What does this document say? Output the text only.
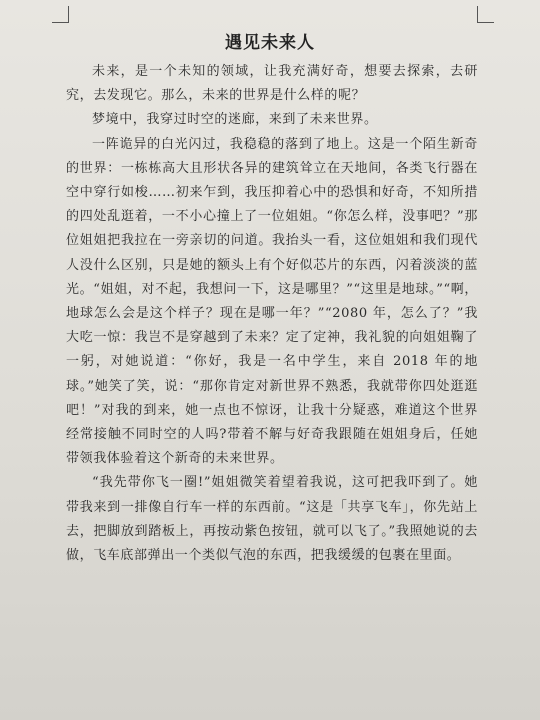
遇见未来人

未来，是一个未知的领域，让我充满好奇，想要去探索，去研究，去发现它。那么，未来的世界是什么样的呢？

梦境中，我穿过时空的迷廊，来到了未来世界。

一阵诡异的白光闪过，我稳稳的落到了地上。这是一个陌生新奇的世界：一栋栋高大且形状各异的建筑耸立在天地间，各类飞行器在空中穿行如梭……初来乍到，我压抑着心中的恐惧和好奇，不知所措的四处乱逛着，一不小心撞上了一位姐姐。“你怎么样，没事吧？”那位姐姐把我拉在一旁亲切的问道。我抬头一看，这位姐姐和我们现代人没什么区别，只是她的额头上有个好似芯片的东西，闪着淡淡的蓝光。“姐姐，对不起，我想问一下，这是哪里？”“这里是地球。”“啊，地球怎么会是这个样子？现在是哪一年？”“2080 年，怎么了？”我大吃一惊：我岂不是穿越到了未来？定了定神，我礼貌的向姐姐鞠了一躬，对她说道：“你好，我是一名中学生，来自 2018 年的地球。”她笑了笑，说：“那你肯定对新世界不熟悉，我就带你四处逛逛吧！”对我的到来，她一点也不惊讶，让我十分疑惑，难道这个世界经常接触不同时空的人吗?带着不解与好奇我跟随在姐姐身后，任她带领我体验着这个新奇的未来世界。

“我先带你飞一圈!”姐姐微笑着望着我说，这可把我吓到了。她带我来到一排像自行车一样的东西前。“这是「共享飞车」，你先站上去，把脚放到踏板上，再按动紫色按钮，就可以飞了。”我照她说的去做，飞车底部弹出一个类似气泡的东西，把我缓缓的包裹在里面。
